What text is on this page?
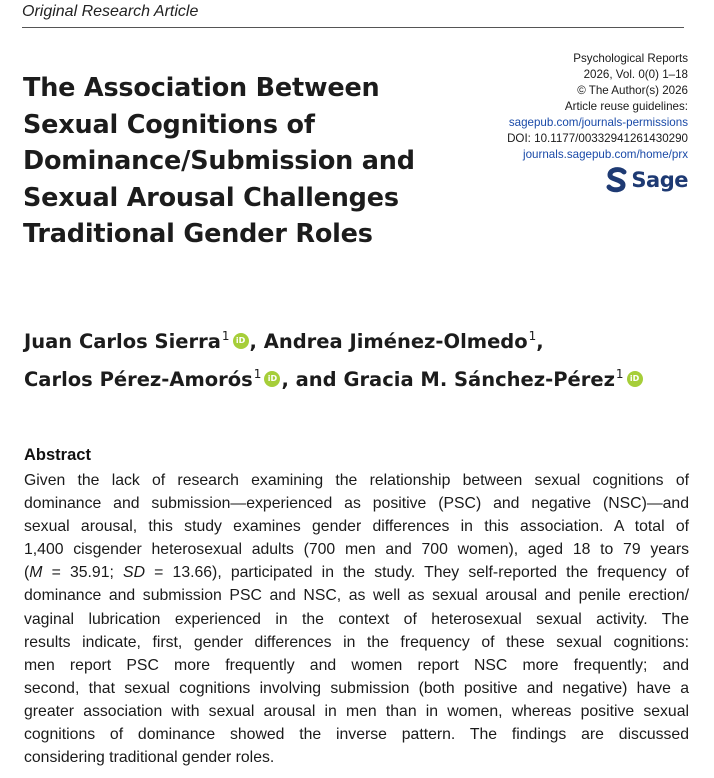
Original Research Article
The Association Between
Sexual Cognitions of
Dominance/Submission and
Sexual Arousal Challenges
Traditional Gender Roles
Psychological Reports
2026, Vol. 0(0) 1–18
© The Author(s) 2026
Article reuse guidelines:
sagepub.com/journals-permissions
DOI: 10.1177/00332941261430290
journals.sagepub.com/home/prx
Sage
Juan Carlos Sierra$^1$ iD , Andrea Jiménez-Olmedo$^1$,
Carlos Pérez-Amorós$^1$ iD , and Gracia M. Sánchez-Pérez$^1$iD
Abstract
Given the lack of research examining the relationship between sexual cognitions of
dominance and submission—experienced as positive (PSC) and negative (NSC)—and
sexual arousal, this study examines gender differences in this association. A total of
1,400 cisgender heterosexual adults (700 men and 700 women), aged 18 to 79 years
(M = 35.91; SD = 13.66), participated in the study. They self-reported the frequency of
dominance and submission PSC and NSC, as well as sexual arousal and penile erection/
vaginal lubrication experienced in the context of heterosexual sexual activity. The
results indicate, first, gender differences in the frequency of these sexual cognitions:
men report PSC more frequently and women report NSC more frequently; and
second, that sexual cognitions involving submission (both positive and negative) have a
greater association with sexual arousal in men than in women, whereas positive sexual
cognitions of dominance showed the inverse pattern. The findings are discussed
considering traditional gender roles.
